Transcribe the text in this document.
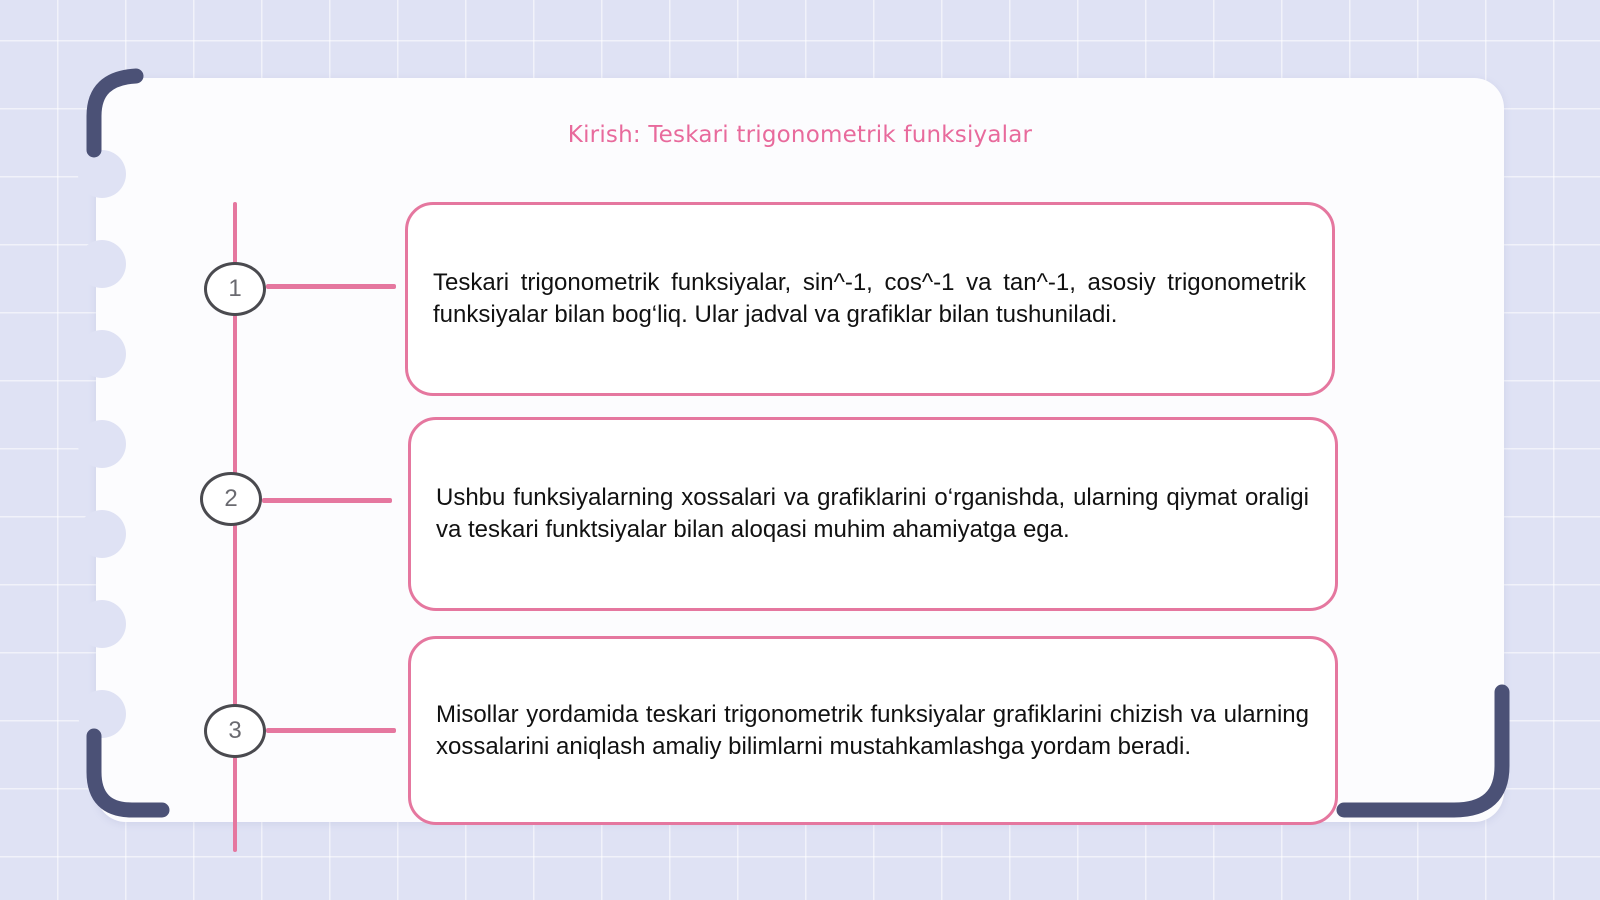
Kirish: Teskari trigonometrik funksiyalar
1
2
3

Teskari trigonometrik funksiyalar, sin^-1, cos^-1 va tan^-1, asosiy trigonometrik funksiyalar bilan bog‘liq. Ular jadval va grafiklar bilan tushuniladi.

Ushbu funksiyalarning xossalari va grafiklarini o‘rganishda, ularning qiymat oraligi va teskari funktsiyalar bilan aloqasi muhim ahamiyatga ega.

Misollar yordamida teskari trigonometrik funksiyalar grafiklarini chizish va ularning xossalarini aniqlash amaliy bilimlarni mustahkamlashga yordam beradi.
